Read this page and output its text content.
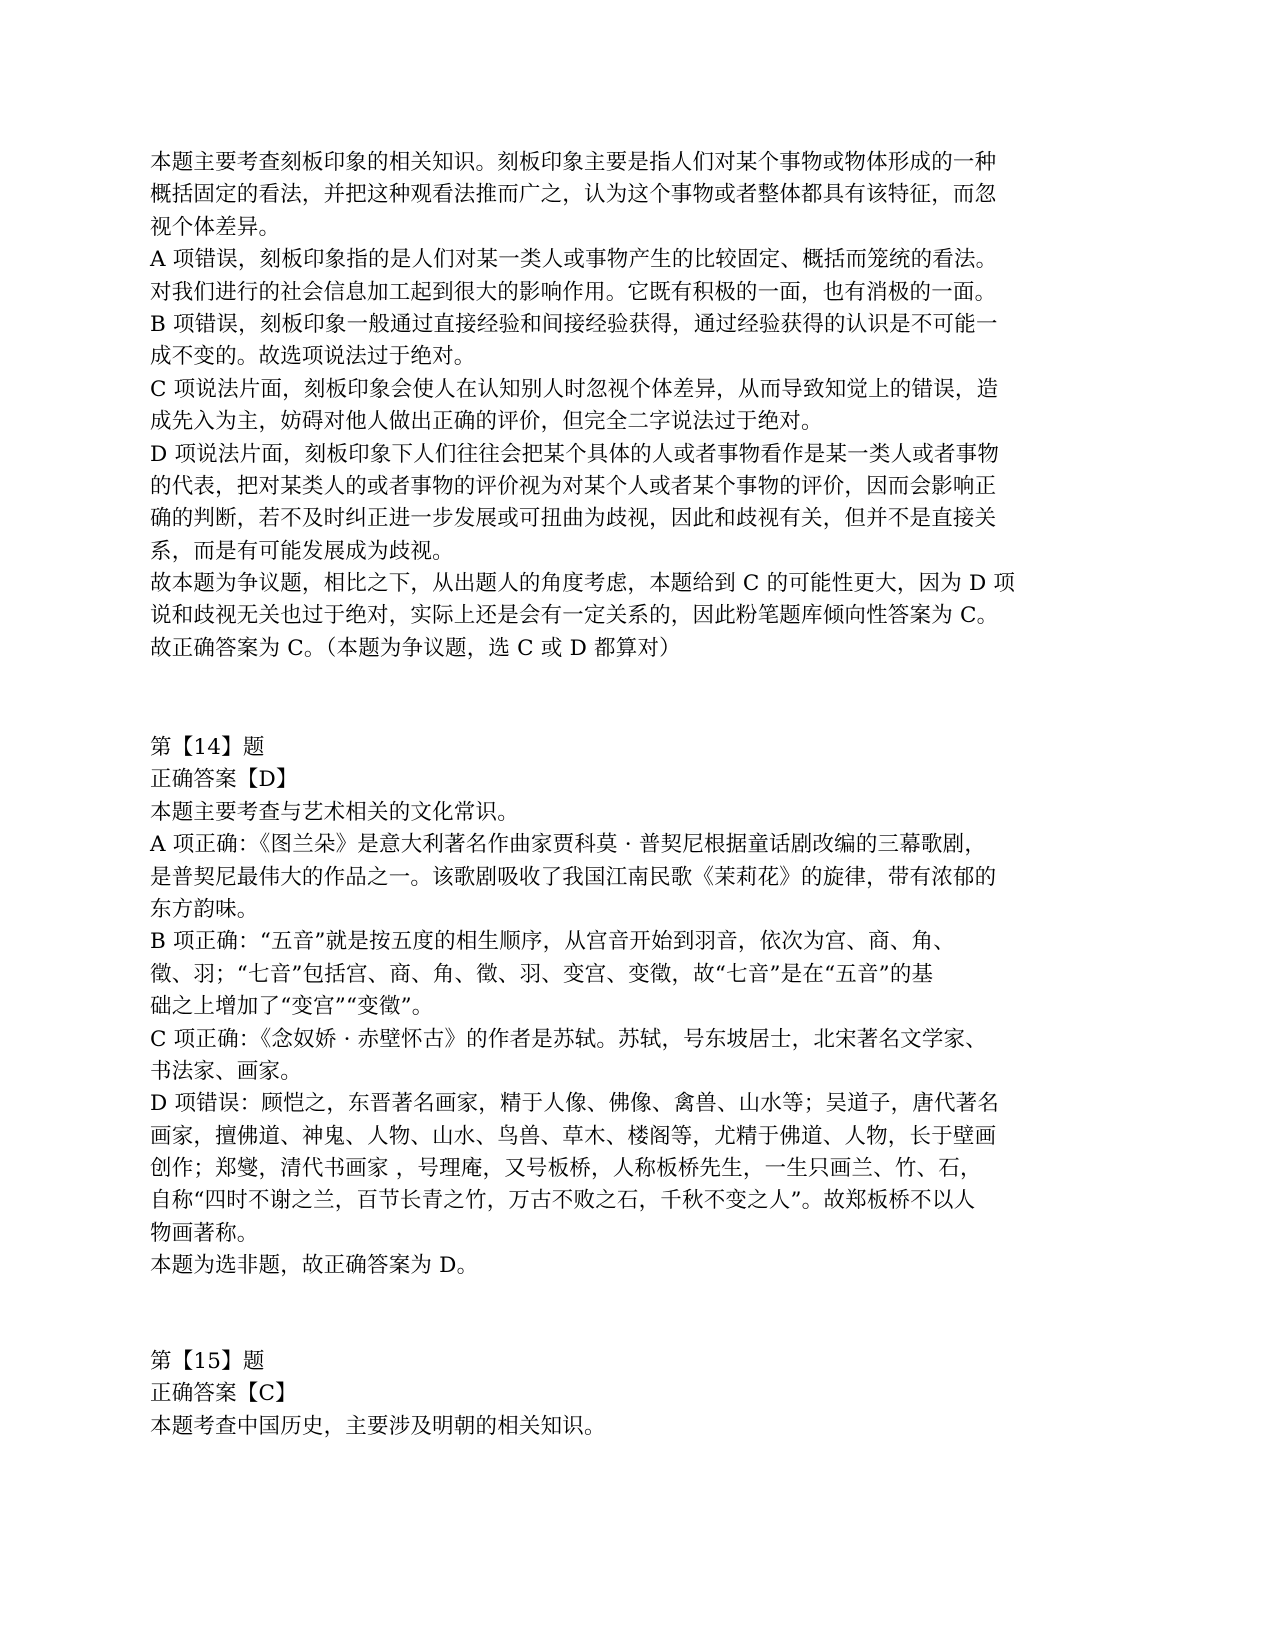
本题主要考查刻板印象的相关知识。刻板印象主要是指人们对某个事物或物体形成的一种
概括固定的看法，并把这种观看法推而广之，认为这个事物或者整体都具有该特征，而忽
视个体差异。
A 项错误，刻板印象指的是人们对某一类人或事物产生的比较固定、概括而笼统的看法。
对我们进行的社会信息加工起到很大的影响作用。它既有积极的一面，也有消极的一面。
B 项错误，刻板印象一般通过直接经验和间接经验获得，通过经验获得的认识是不可能一
成不变的。故选项说法过于绝对。
C 项说法片面，刻板印象会使人在认知别人时忽视个体差异，从而导致知觉上的错误，造
成先入为主，妨碍对他人做出正确的评价，但完全二字说法过于绝对。
D 项说法片面，刻板印象下人们往往会把某个具体的人或者事物看作是某一类人或者事物
的代表，把对某类人的或者事物的评价视为对某个人或者某个事物的评价，因而会影响正
确的判断，若不及时纠正进一步发展或可扭曲为歧视，因此和歧视有关，但并不是直接关
系，而是有可能发展成为歧视。
故本题为争议题，相比之下，从出题人的角度考虑，本题给到 C 的可能性更大，因为 D 项
说和歧视无关也过于绝对，实际上还是会有一定关系的，因此粉笔题库倾向性答案为 C。
故正确答案为 C。（本题为争议题，选 C 或 D 都算对）
第【14】题
正确答案【D】
本题主要考查与艺术相关的文化常识。
A 项正确：《图兰朵》是意大利著名作曲家贾科莫 · 普契尼根据童话剧改编的三幕歌剧，
是普契尼最伟大的作品之一。该歌剧吸收了我国江南民歌《茉莉花》的旋律，带有浓郁的
东方韵味。
B 项正确：“五音”就是按五度的相生顺序，从宫音开始到羽音，依次为宫、商、角、
徵、羽；“七音”包括宫、商、角、徵、羽、变宫、变徵，故“七音”是在“五音”的基
础之上增加了“变宫”“变徵”。
C 项正确：《念奴娇 · 赤壁怀古》的作者是苏轼。苏轼，号东坡居士，北宋著名文学家、
书法家、画家。
D 项错误：顾恺之，东晋著名画家，精于人像、佛像、禽兽、山水等；吴道子，唐代著名
画家，擅佛道、神鬼、人物、山水、鸟兽、草木、楼阁等，尤精于佛道、人物，长于壁画
创作；郑燮，清代书画家 ，号理庵，又号板桥，人称板桥先生，一生只画兰、竹、石，
自称“四时不谢之兰，百节长青之竹，万古不败之石，千秋不变之人”。故郑板桥不以人
物画著称。
本题为选非题，故正确答案为 D。
第【15】题
正确答案【C】
本题考查中国历史，主要涉及明朝的相关知识。
